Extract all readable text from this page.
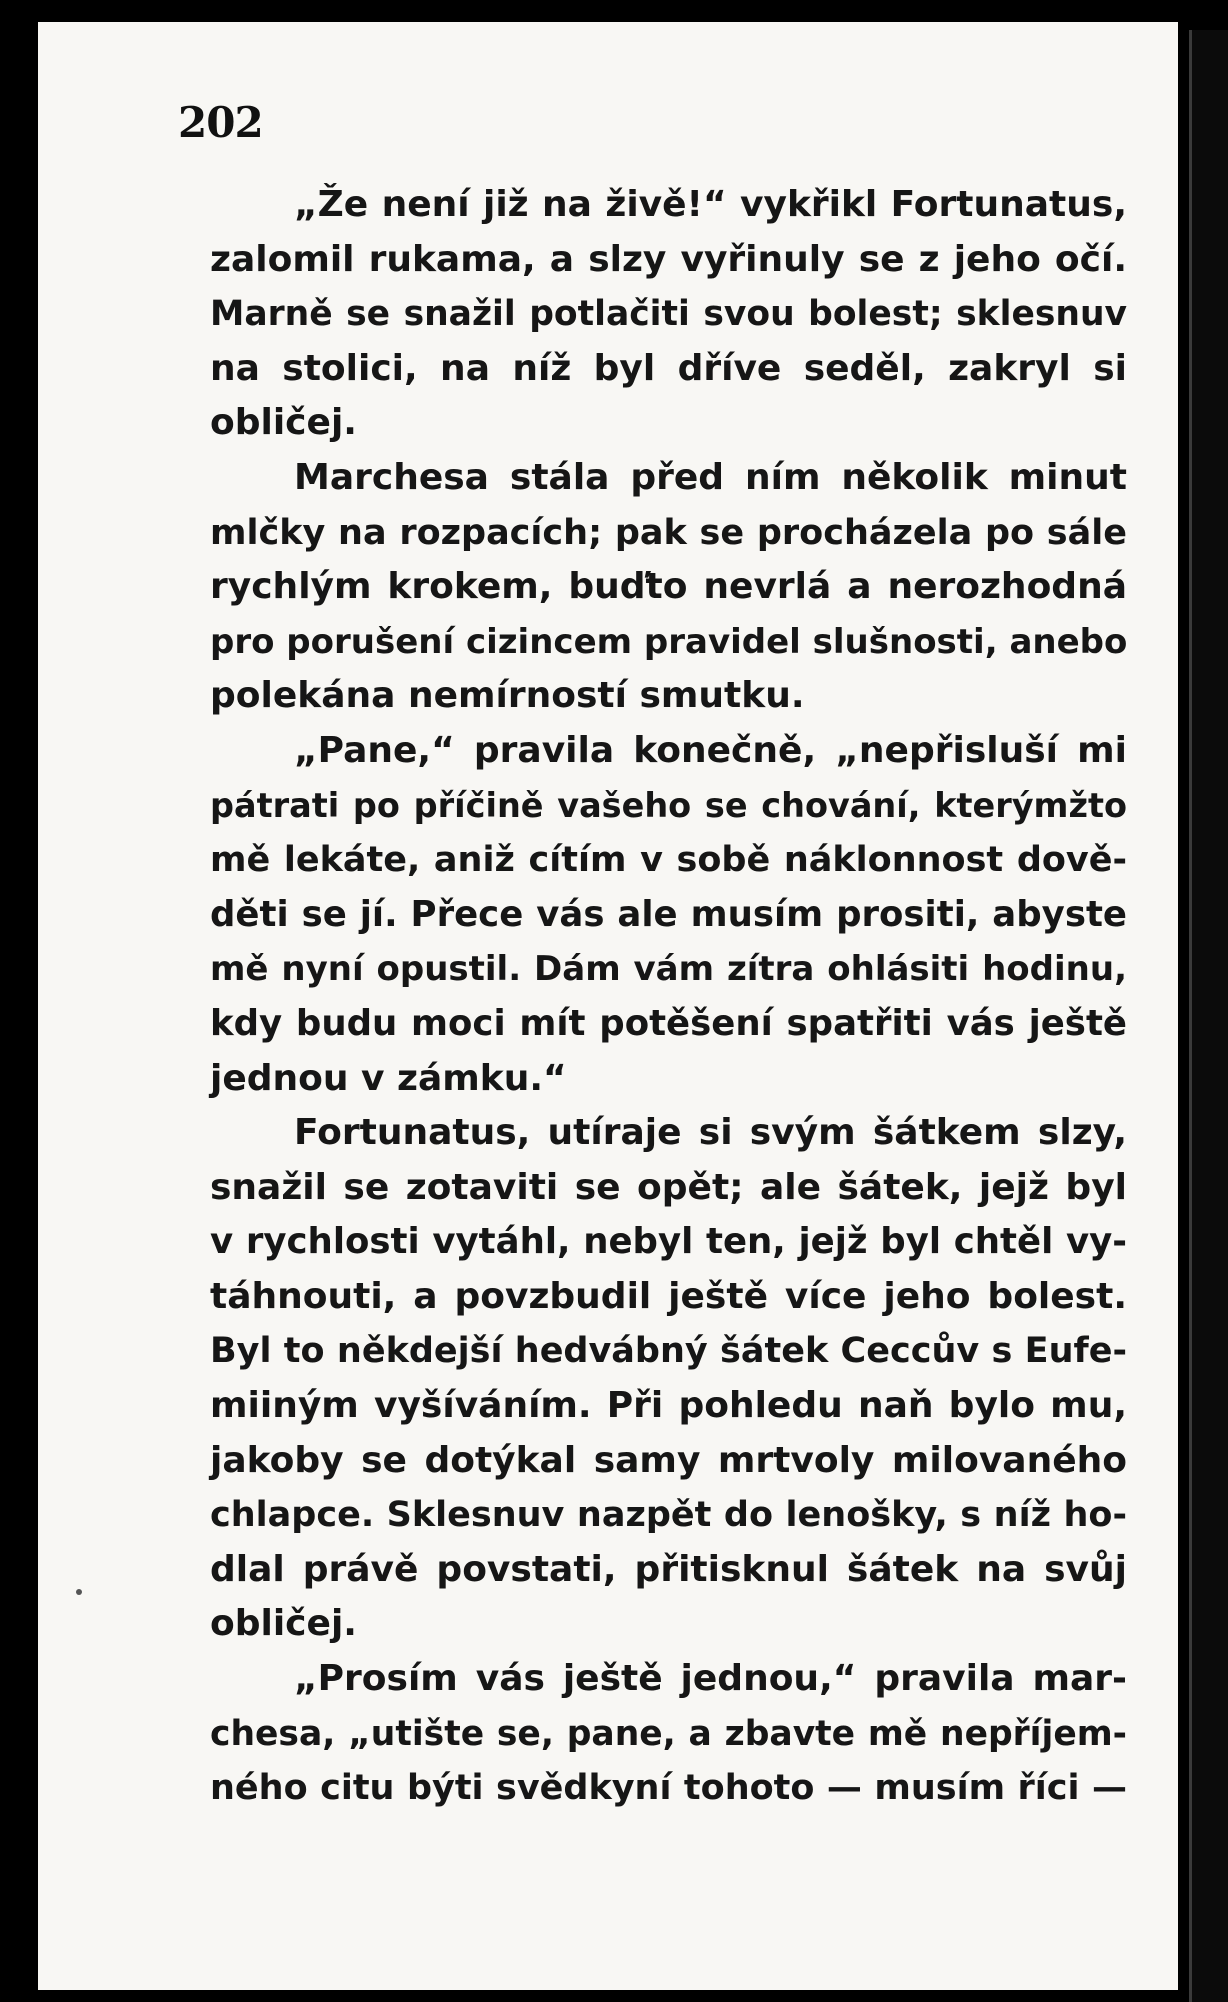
202
„Že není již na živě!“ vykřikl Fortunatus,
zalomil rukama, a slzy vyřinuly se z jeho očí.
Marně se snažil potlačiti svou bolest; sklesnuv
na stolici, na níž byl dříve seděl, zakryl si
obličej.
Marchesa stála před ním několik minut
mlčky na rozpacích; pak se procházela po sále
rychlým krokem, buďto nevrlá a nerozhodná
pro porušení cizincem pravidel slušnosti, anebo
polekána nemírností smutku.
„Pane,“ pravila konečně, „nepřisluší mi
pátrati po příčině vašeho se chování, kterýmžto
mě lekáte, aniž cítím v sobě náklonnost dově-
děti se jí. Přece vás ale musím prositi, abyste
mě nyní opustil. Dám vám zítra ohlásiti hodinu,
kdy budu moci mít potěšení spatřiti vás ještě
jednou v zámku.“
Fortunatus, utíraje si svým šátkem slzy,
snažil se zotaviti se opět; ale šátek, jejž byl
v rychlosti vytáhl, nebyl ten, jejž byl chtěl vy-
táhnouti, a povzbudil ještě více jeho bolest.
Byl to někdejší hedvábný šátek Ceccův s Eufe-
miiným vyšíváním. Při pohledu naň bylo mu,
jakoby se dotýkal samy mrtvoly milovaného
chlapce. Sklesnuv nazpět do lenošky, s níž ho-
dlal právě povstati, přitisknul šátek na svůj
obličej.
„Prosím vás ještě jednou,“ pravila mar-
chesa, „utište se, pane, a zbavte mě nepříjem-
ného citu býti svědkyní tohoto — musím říci —
